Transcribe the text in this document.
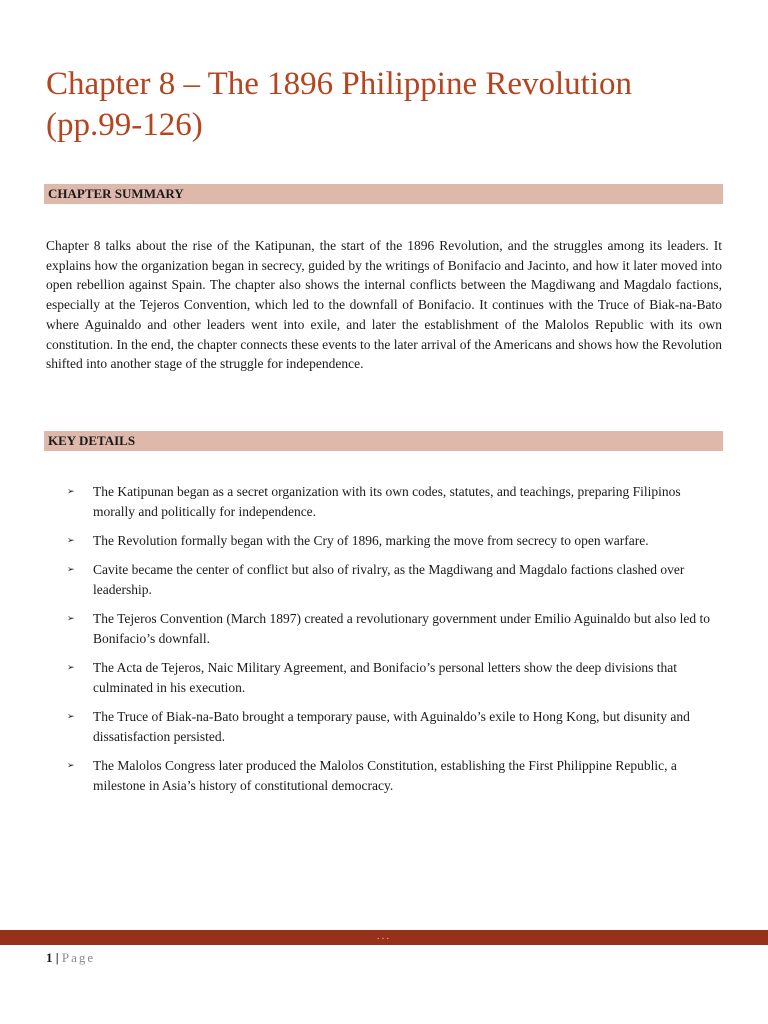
Chapter 8 – The 1896 Philippine Revolution (pp.99-126)
CHAPTER SUMMARY

Chapter 8 talks about the rise of the Katipunan, the start of the 1896 Revolution, and the struggles among its leaders. It explains how the organization began in secrecy, guided by the writings of Bonifacio and Jacinto, and how it later moved into open rebellion against Spain. The chapter also shows the internal conflicts between the Magdiwang and Magdalo factions, especially at the Tejeros Convention, which led to the downfall of Bonifacio. It continues with the Truce of Biak-na-Bato where Aguinaldo and other leaders went into exile, and later the establishment of the Malolos Republic with its own constitution. In the end, the chapter connects these events to the later arrival of the Americans and shows how the Revolution shifted into another stage of the struggle for independence.

KEY DETAILS
➢ The Katipunan began as a secret organization with its own codes, statutes, and teachings, preparing Filipinos morally and politically for independence.
➢ The Revolution formally began with the Cry of 1896, marking the move from secrecy to open warfare.
➢ Cavite became the center of conflict but also of rivalry, as the Magdiwang and Magdalo factions clashed over leadership.
➢ The Tejeros Convention (March 1897) created a revolutionary government under Emilio Aguinaldo but also led to Bonifacio’s downfall.
➢ The Acta de Tejeros, Naic Military Agreement, and Bonifacio’s personal letters show the deep divisions that culminated in his execution.
➢ The Truce of Biak-na-Bato brought a temporary pause, with Aguinaldo’s exile to Hong Kong, but disunity and dissatisfaction persisted.
➢ The Malolos Congress later produced the Malolos Constitution, establishing the First Philippine Republic, a milestone in Asia’s history of constitutional democracy.
...
1 | Page
